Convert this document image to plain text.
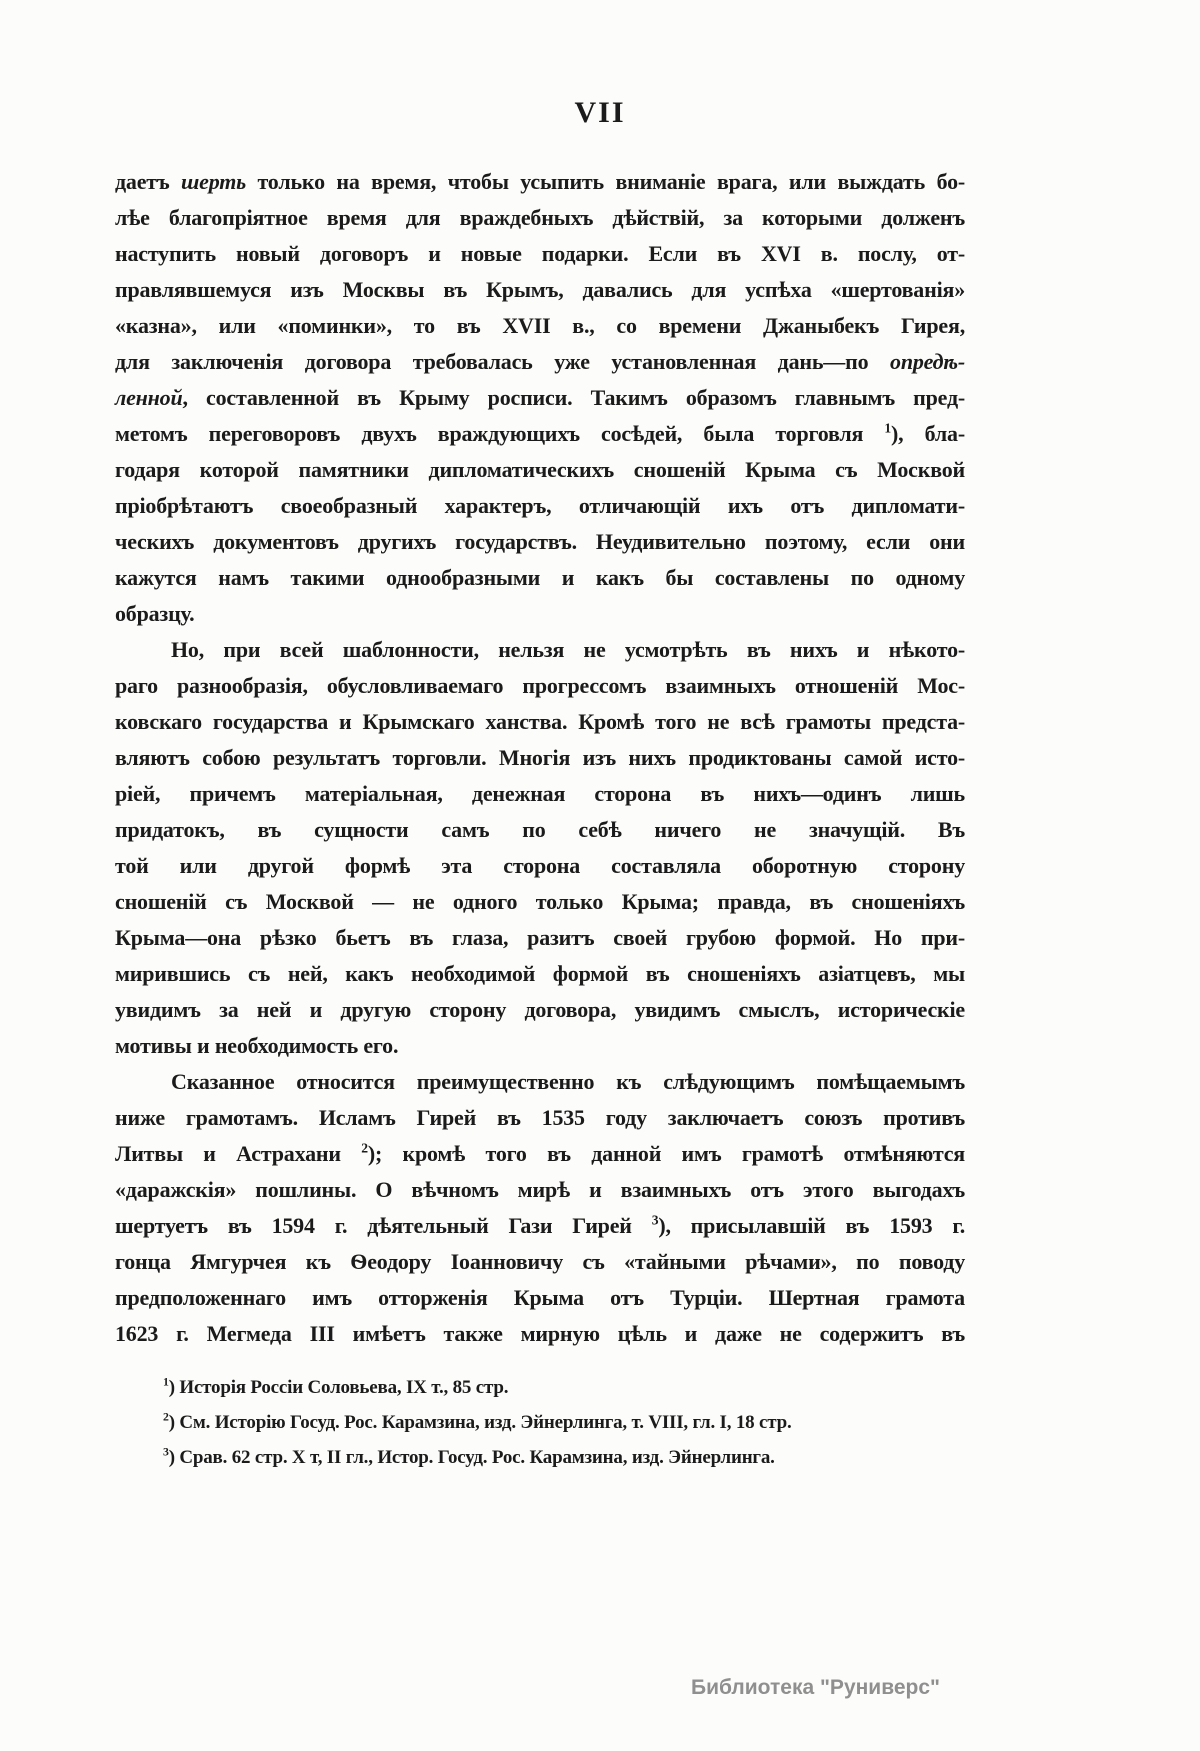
VII
даетъ шерть только на время, чтобы усыпить вниманіе врага, или выждать бо-
лѣе благопріятное время для враждебныхъ дѣйствій, за которыми долженъ
наступить новый договоръ и новые подарки. Если въ XVI в. послу, от-
правлявшемуся изъ Москвы въ Крымъ, давались для успѣха «шертованія»
«казна», или «поминки», то въ XVII в., со времени Джаныбекъ Гирея,
для заключенія договора требовалась уже установленная дань—по опредѣ-
ленной, составленной въ Крыму росписи. Такимъ образомъ главнымъ пред-
метомъ переговоровъ двухъ враждующихъ сосѣдей, была торговля $^1$), бла-
годаря которой памятники дипломатическихъ сношеній Крыма съ Москвой
пріобрѣтаютъ своеобразный характеръ, отличающій ихъ отъ дипломати-
ческихъ документовъ другихъ государствъ. Неудивительно поэтому, если они
кажутся намъ такими однообразными и какъ бы составлены по одному
образцу.
Но, при всей шаблонности, нельзя не усмотрѣть въ нихъ и нѣкото-
раго разнообразія, обусловливаемаго прогрессомъ взаимныхъ отношеній Мос-
ковскаго государства и Крымскаго ханства. Кромѣ того не всѣ грамоты предста-
вляютъ собою результатъ торговли. Многія изъ нихъ продиктованы самой исто-
ріей, причемъ матеріальная, денежная сторона въ нихъ—одинъ лишь
придатокъ, въ сущности самъ по себѣ ничего не значущій. Въ
той или другой формѣ эта сторона составляла оборотную сторону
сношеній съ Москвой — не одного только Крыма; правда, въ сношеніяхъ
Крыма—она рѣзко бьетъ въ глаза, разитъ своей грубою формой. Но при-
мирившись съ ней, какъ необходимой формой въ сношеніяхъ азіатцевъ, мы
увидимъ за ней и другую сторону договора, увидимъ смыслъ, историческіе
мотивы и необходимость его.
Сказанное относится преимущественно къ слѣдующимъ помѣщаемымъ
ниже грамотамъ. Исламъ Гирей въ 1535 году заключаетъ союзъ противъ
Литвы и Астрахани $^2$); кромѣ того въ данной имъ грамотѣ отмѣняются
«даражскія» пошлины. О вѣчномъ мирѣ и взаимныхъ отъ этого выгодахъ
шертуетъ въ 1594 г. дѣятельный Гази Гирей $^3$), присылавшій въ 1593 г.
гонца Ямгурчея къ Ѳеодору Іоанновичу съ «тайными рѣчами», по поводу
предположеннаго имъ отторженія Крыма отъ Турціи. Шертная грамота
1623 г. Мегмеда III имѣетъ также мирную цѣль и даже не содержитъ въ
$^1$) Исторія Россіи Соловьева, IX т., 85 стр.
$^2$) См. Исторію Госуд. Рос. Карамзина, изд. Эйнерлинга, т. VIII, гл. I, 18 стр.
$^3$) Срав. 62 стр. X т, II гл., Истор. Госуд. Рос. Карамзина, изд. Эйнерлинга.
Библиотека "Руниверс"
